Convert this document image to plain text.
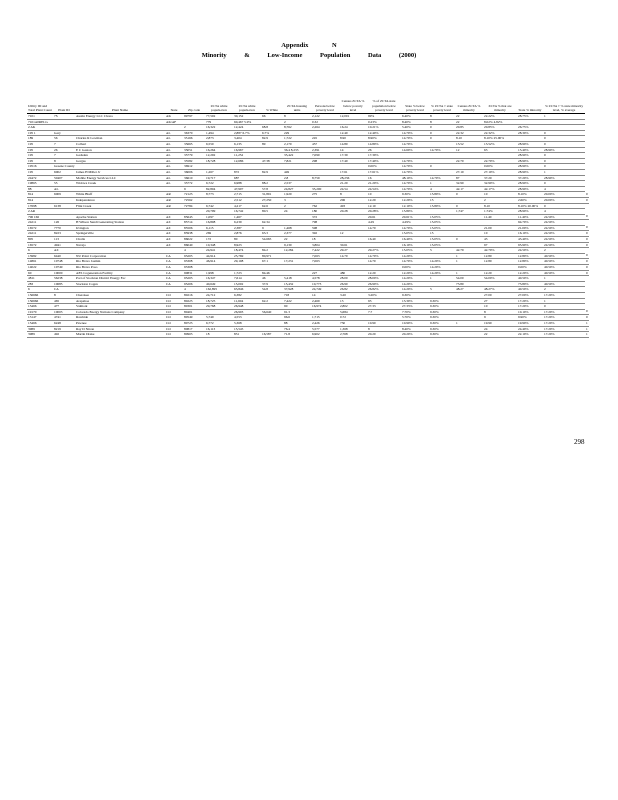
Appendix	N
Minority	&	Low-Income	Population	Data	(2000)
Utility ID and Total Plant Count	Plant ID	Plant Name	State	Zip code	ZCTA white popula-tion	ZCTA white popula-tion	% White	ZCTA housing units	Persons below poverty level	Census ZCTA % below poverty level	% of ZCTA state population below poverty level	State % below poverty level	% ZCTA > state poverty level	Census ZCTA % minority	ZCTA % that are minority	State % minority	% ZCTA > % state minority level, % average	
7101	7S	Austin Energy LLC Cbona	AK	99797	77,502	30,152	66	8	2,122	12,001	99%	6.40%	8	22	22.22%	28.75%	1	
7101A0RELG			AK/AF		779	60,467 5.9%		2	0.32		0.23%	8.40%	8	22	8.02% 4.82%			
2 AK				2	16,322	12,424	68.8	8,762	2,264	16.24	10.21%	5.40%	0	20.85	20.85%	26.75%		
195 1	Gary		AL	36370	1,494	2,887 6.7%	6.7%	229		12.40	12.40%	14.70%	0	22.32	22.32%	28.30%	0	
189	56	Charles R Lowman	AL	35166	2,873	3,404	82.9	1,722	245	8.90	8.90%	14.70%	0	8.10	8.10% 25.90%		0	
195	7	Colbert	AL	35665	6,550	6,135	89	2,170	457	14.80	14.80%	14.70%		13.52	13.52%	28.90%	0	
195	26	E C Gaston	AL	35051	16,264	16,967		36.4 8,233	2,391	14	26	14.60%	14.70%	12	63	15.40%	28.90%	
195	7	Gadsden	AL	35779	12,292	11,252		35,422	7,090	17.39	17.39%					28.90%	0	
195	8	Gorgas	AL	35582	18,728	12,686	47.38	7,821	298	17.40	17.40%	14.70%		22.70	22.70%	28.90%	0	
19516	Greene County		AL	36912							0.00%	14.70%	0		0.00%	28.90%	0	
195	6002	James H Miller Jr	AL	36006	1,267	872	82.9	449		17.61	17.61%	14.70%		27.10	27.10%	28.90%	1	
24472	50407	Mobile Energy Services LLC	AL	36610	19,717	687		2.8	8,759	28,236	16	48.10%	14.70%	87	37.20	37.20%	28.90%	
19865	55	Widows Creek	AL	35772	6,722	6,988	88.2	2,537		21.20	21.20%	14.70%	1	32.90	32.90%	28.90%	0	
88	AL			9	82,804	47,907	57.8	24,827	35,200	24.54	24.54%	14.70%	4	42.17	42.17%	28.90%	4	
814	6009	White Bluff	AR	72123	8,773	2,715	31,891	1,920	275	8	10	9.30%	15.80%	0	10	8.10%	20.00%	0
814		Independence	AR	72562		2,512	27,250	3		206	12.29	12.29%	15		2	2.60%	20.00%	0
17698	6138	Flint Creek	AR	72784	6,742	4,217	62.6	2	762	493	12.10	12.10%	15.80%	0	8.10	8.10% 20.00%	0	
2 AR					20,799	16,742	80.5	24	180	20.28	20.28%	15.80%		1,747	1.74%	28.90%	4	
796 166		Apache Station	AZ	85643	1,097	1,467			372		20.61	20.61%	15.05%		11.40	11.40%	24.50%	0
24211	126	H Wilson Sundt Generating Station	AZ	85714	16,808	6,239	62.34		798		4.29	4.29%	15.05%			94.70%	24.50%	
16572	7770	Irvington	AZ	85506	6,115	2,387	9	1,468	598		14.70	14.70%	15.05%		21.00	21.00%	24.50%	0
24211	8223	Springerville	AZ	85938	269	2,876	63.3	2,377	392	12		15.05%	15		10	16.10%	24.50%	0
805	113	Cholla	AZ	86022	172	80	54.665	22	18		16.40	16.40%	15.05%	0	43	43.40%	24.50%	0
16572	4941	Navajo	AZ	86040	10,348	8,923		9,130	3,804	30.61		16.10%	15.05%		97	95.90%	24.50%	0
6	AZ			4	24,941	18,474	84.2	12,284	7,422	29.27	29.27%	15.05%	5	42.79	42.79%	24.50%	2	
13982	6440	NU Point Corporation	CA	93203	44,914	25,769	80,971		7,063	14.70	14.70%	14.20%		1	12.80	12.80%	40.50%	0
14861	10748	Rio Bravo Jasmin	CA	93308	46,914	29,108	67.1	17,231	7,063		14.70	14.70%	14.20%	1	12.80	12.80%	40.50%	0
14022	10749	Rio Bravo Poso	CA	93308								0.00%	14.20%			0.00%	40.50%	0
60	10000	AES Cogeneration Facility	CA	90831	1,998	1,723	84.46		227	480	12.20	12.20%	14.20%	1	12.20	12.20%	40.50%	0
4811	56238	Port of Stockton District Energy Fac	CA	95203	16,347	7,614	46	5,418	4,578	28.00	28.00%	14.20%	1	54.00	54.00%	40.50%	1	
283	10685	Stockton Cogen	CA	95206	40,649	15,002	37.9	15,432	10,773	26.90	26.90%	14.20%		73.80		73.80%	40.50%	
6	CA			4	162,895	63,846	54.8	37,928	24,749	26.82	26.82%	14.20%	5	48.27	48.27%	40.50%	2	
156666	8	Cherokee	CO	80216	24,712	6,382		718	14	3.20	3.20%	9.30%			27.00	27.00%	17.20%	
156666	465	Arapahoe	CO	80223	18,725	11,604	62.2	7,422	2,469	13	93	13.30%	9.30%		27	17.20%	1	
15466	477	Valmont	CO	80301	29,768	26,948		90	16,974	2,802	27.33	27.33%	9.30%		10	17.20%	0	
19170	10003	Colorado Energy Nations Company	CO	80401		26,903	56,640	91.3		5,684	7.7	7.70%	9.30%		8	10.10%	17.20%	0
13147	4741	Rawhide	CO	80549	5,749	4,553		96.6	1,715	0.72		5.70%	9.30%		9	9.90%	17.20%	0
15466	6248	Pawnee	CO	80723	6,772	5,368		88	2,426	730	10.90	10.90%	9.30%	1	19.90	19.90%	17.20%	1
3989	8219	Ray D Nixon	CO	80817	16,113	15,545		76.4	5,577	1,368	8	8.40%	9.30%		24	24.40%	17.20%	1
3989	492	Martin Drake	CO	80903	18	831	16,587	71.8	6,902	2,768	20.20	20.20%	9.30%		22	22.10%	17.20%	1
298
